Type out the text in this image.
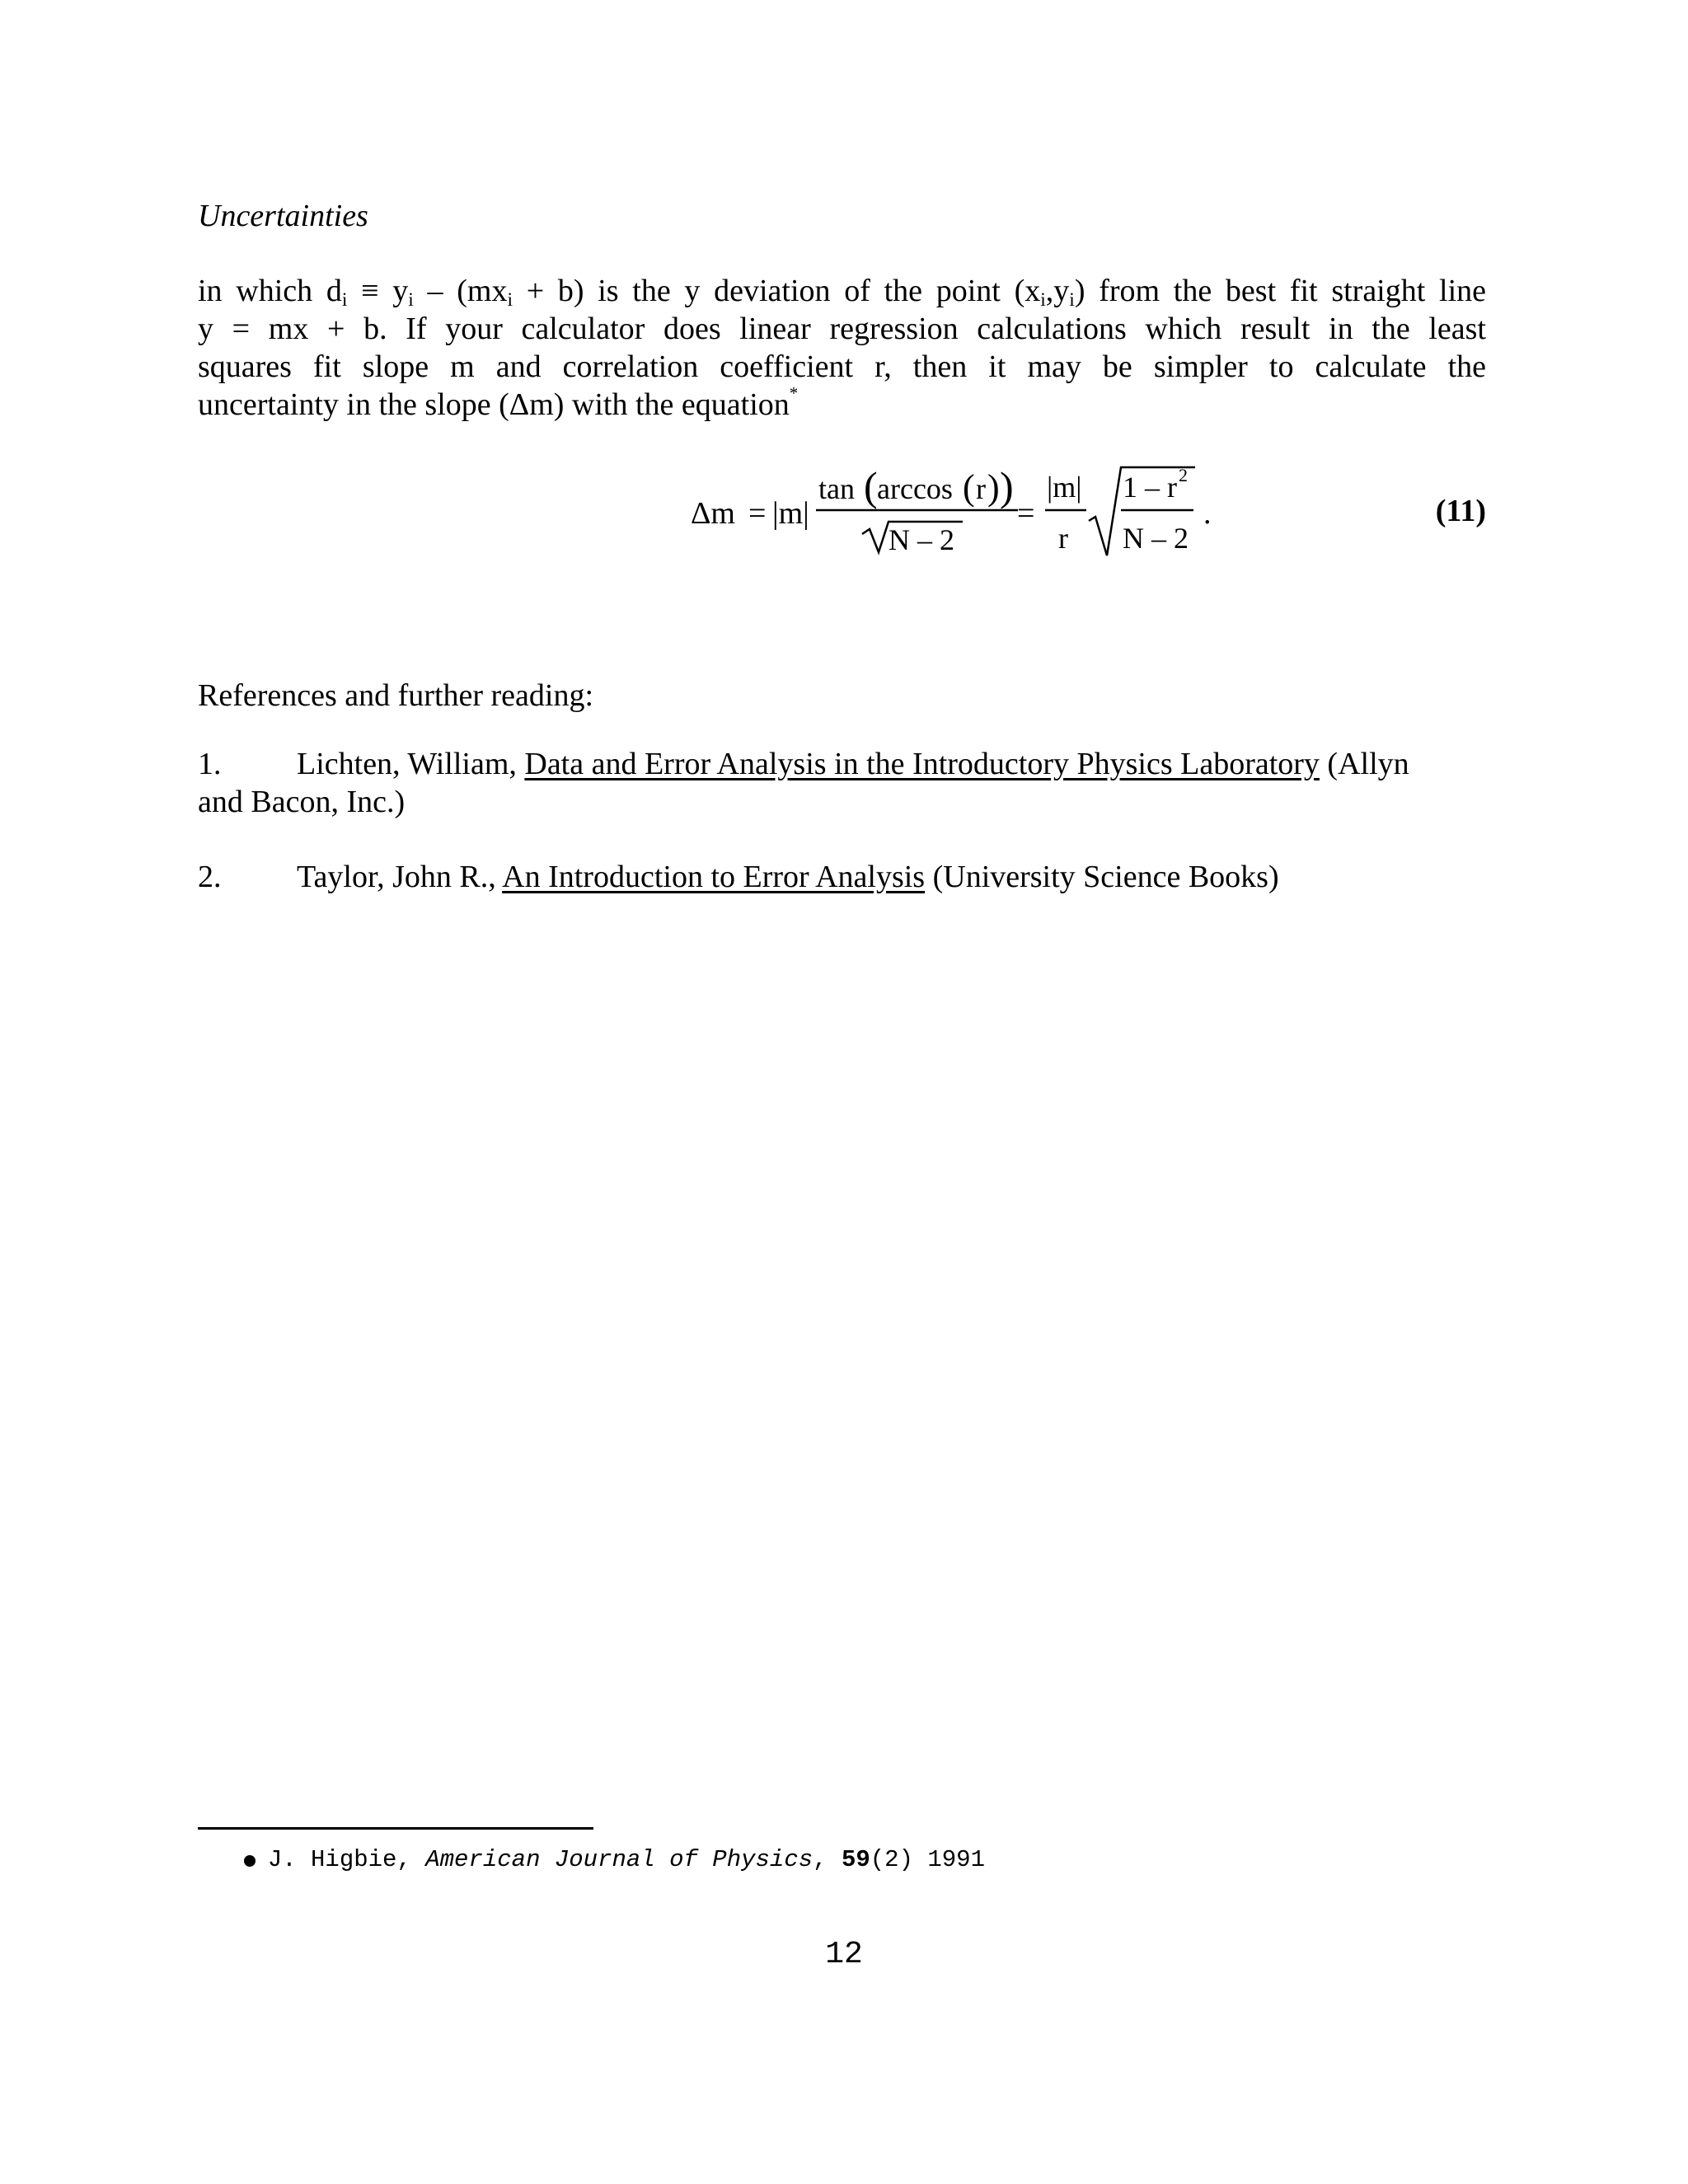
Uncertainties
in which $d_i \equiv y_i - (mx_i + b)$ is the y deviation of the point $(x_i,y_i)$ from the best fit straight line
y = mx + b. If your calculator does linear regression calculations which result in the least
squares fit slope m and correlation coefficient r, then it may be simpler to calculate the
uncertainty in the slope (Δm) with the equation*
Δm = |m|
tan ( arccos ( r ) )
N – 2
=
|m|
r
1 – r 2
N – 2
.	(11)
References and further reading:
1. Lichten, William, Data and Error Analysis in the Introductory Physics Laboratory (Allyn
and Bacon, Inc.)
2. Taylor, John R., An Introduction to Error Analysis (University Science Books)
J. Higbie, American Journal of Physics, 59(2) 1991
12
